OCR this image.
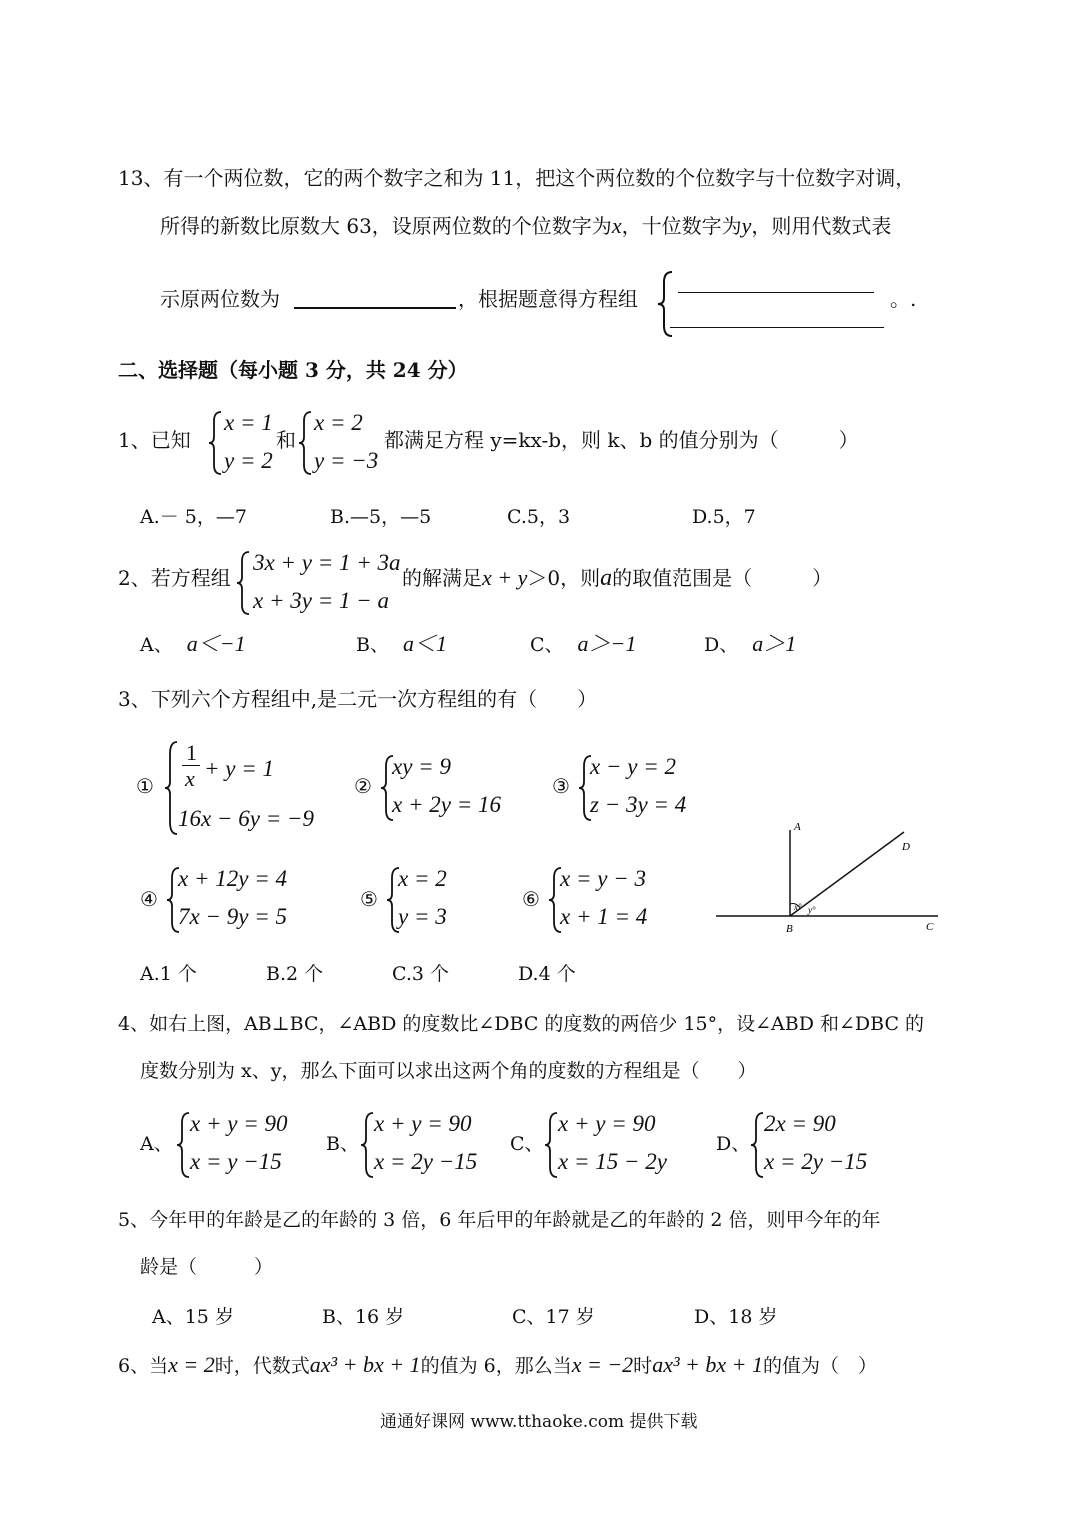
13、有一个两位数，它的两个数字之和为 11，把这个两位数的个位数字与十位数字对调，
所得的新数比原数大 63，设原两位数的个位数字为x，十位数字为y，则用代数式表
示原两位数为	，根据题意得方程组	。.
二、选择题（每小题 3 分，共 24 分）
1、已知
x = 1
y = 2
和
x = 2
y = −3
都满足方程 y=kx-b，则 k、b 的值分别为（　　　）
A.－ 5，—7	B.—5，—5	C.5，3	D.5，7
2、若方程组
3x + y = 1 + 3a
x + 3y = 1 − a
的解满足x + y＞0，则a的取值范围是（　　　）
A、 a＜−1	B、 a＜1	C、 a＞−1	D、 a＞1
3、下列六个方程组中,是二元一次方程组的有（　　）
①
1
x + y = 1
16x − 6y = −9
②
xy = 9
x + 2y = 16
③
x − y = 2
z − 3y = 4
④
x + 12y = 4
7x − 9y = 5
⑤
x = 2
y = 3
⑥
x = y − 3
x + 1 = 4
A
D
B	C
x° y°
A.1 个	B.2 个	C.3 个	D.4 个
4、如右上图，AB⊥BC，∠ABD 的度数比∠DBC 的度数的两倍少 15°，设∠ABD 和∠DBC 的
度数分别为 x、y，那么下面可以求出这两个角的度数的方程组是（　　）
A、
x + y = 90
x = y −15
B、
x + y = 90
x = 2y −15
C、
x + y = 90
x = 15 − 2y
D、
2x = 90
x = 2y −15
5、今年甲的年龄是乙的年龄的 3 倍，6 年后甲的年龄就是乙的年龄的 2 倍，则甲今年的年
龄是（　　　）
A、15 岁	B、16 岁	C、17 岁	D、18 岁
6、当x = 2时，代数式ax³ + bx + 1的值为 6，那么当x = −2时ax³ + bx + 1的值为（　）
通通好课网 www.tthaoke.com 提供下载
